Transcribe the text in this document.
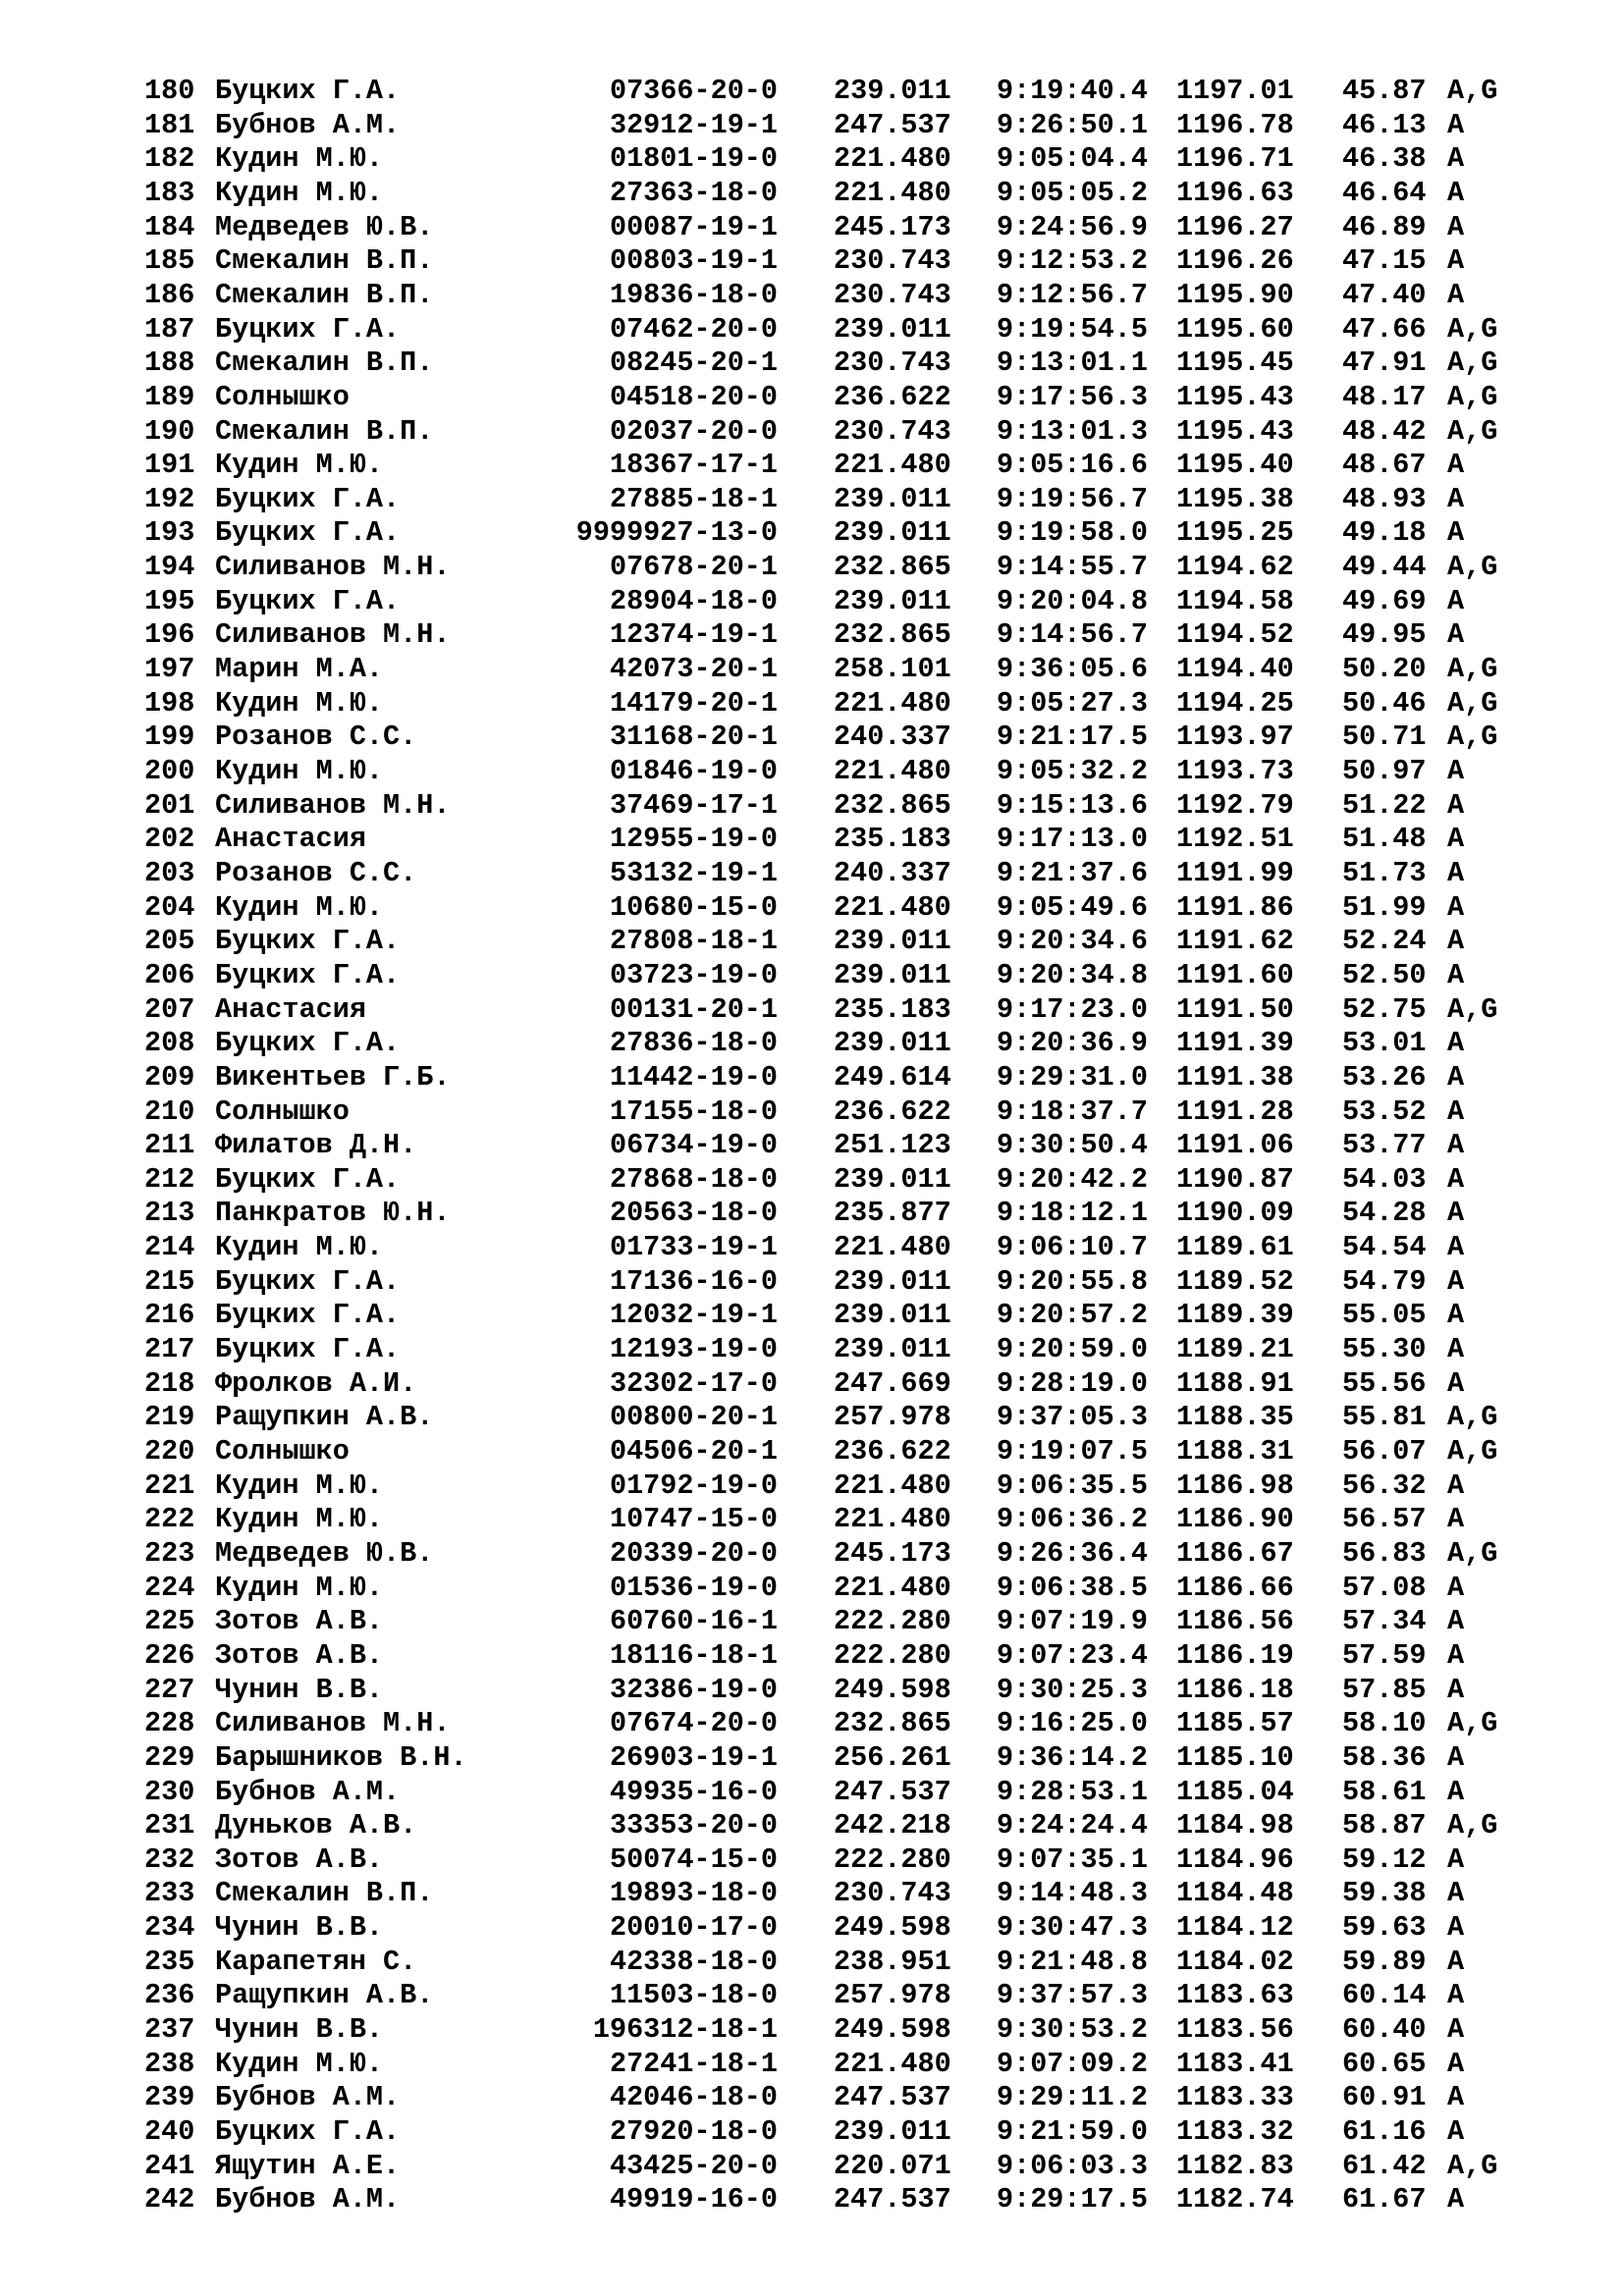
180 Буцких Г.А.	07366-20-0 239.011 9:19:40.4 1197.01 45.87 A,G
181 Бубнов А.М.	32912-19-1 247.537 9:26:50.1 1196.78 46.13 A
182 Кудин М.Ю.	01801-19-0 221.480 9:05:04.4 1196.71 46.38 A
183 Кудин М.Ю.	27363-18-0 221.480 9:05:05.2 1196.63 46.64 A
184 Медведев Ю.В.	00087-19-1 245.173 9:24:56.9 1196.27 46.89 A
185 Смекалин В.П.	00803-19-1 230.743 9:12:53.2 1196.26 47.15 A
186 Смекалин В.П.	19836-18-0 230.743 9:12:56.7 1195.90 47.40 A
187 Буцких Г.А.	07462-20-0 239.011 9:19:54.5 1195.60 47.66 A,G
188 Смекалин В.П.	08245-20-1 230.743 9:13:01.1 1195.45 47.91 A,G
189 Солнышко	04518-20-0 236.622 9:17:56.3 1195.43 48.17 A,G
190 Смекалин В.П.	02037-20-0 230.743 9:13:01.3 1195.43 48.42 A,G
191 Кудин М.Ю.	18367-17-1 221.480 9:05:16.6 1195.40 48.67 A
192 Буцких Г.А.	27885-18-1 239.011 9:19:56.7 1195.38 48.93 A
193 Буцких Г.А.	9999927-13-0 239.011 9:19:58.0 1195.25 49.18 A
194 Силиванов М.Н.	07678-20-1 232.865 9:14:55.7 1194.62 49.44 A,G
195 Буцких Г.А.	28904-18-0 239.011 9:20:04.8 1194.58 49.69 A
196 Силиванов М.Н.	12374-19-1 232.865 9:14:56.7 1194.52 49.95 A
197 Марин М.А.	42073-20-1 258.101 9:36:05.6 1194.40 50.20 A,G
198 Кудин М.Ю.	14179-20-1 221.480 9:05:27.3 1194.25 50.46 A,G
199 Розанов С.С.	31168-20-1 240.337 9:21:17.5 1193.97 50.71 A,G
200 Кудин М.Ю.	01846-19-0 221.480 9:05:32.2 1193.73 50.97 A
201 Силиванов М.Н.	37469-17-1 232.865 9:15:13.6 1192.79 51.22 A
202 Анастасия	12955-19-0 235.183 9:17:13.0 1192.51 51.48 A
203 Розанов С.С.	53132-19-1 240.337 9:21:37.6 1191.99 51.73 A
204 Кудин М.Ю.	10680-15-0 221.480 9:05:49.6 1191.86 51.99 A
205 Буцких Г.А.	27808-18-1 239.011 9:20:34.6 1191.62 52.24 A
206 Буцких Г.А.	03723-19-0 239.011 9:20:34.8 1191.60 52.50 A
207 Анастасия	00131-20-1 235.183 9:17:23.0 1191.50 52.75 A,G
208 Буцких Г.А.	27836-18-0 239.011 9:20:36.9 1191.39 53.01 A
209 Викентьев Г.Б.	11442-19-0 249.614 9:29:31.0 1191.38 53.26 A
210 Солнышко	17155-18-0 236.622 9:18:37.7 1191.28 53.52 A
211 Филатов Д.Н.	06734-19-0 251.123 9:30:50.4 1191.06 53.77 A
212 Буцких Г.А.	27868-18-0 239.011 9:20:42.2 1190.87 54.03 A
213 Панкратов Ю.Н.	20563-18-0 235.877 9:18:12.1 1190.09 54.28 A
214 Кудин М.Ю.	01733-19-1 221.480 9:06:10.7 1189.61 54.54 A
215 Буцких Г.А.	17136-16-0 239.011 9:20:55.8 1189.52 54.79 A
216 Буцких Г.А.	12032-19-1 239.011 9:20:57.2 1189.39 55.05 A
217 Буцких Г.А.	12193-19-0 239.011 9:20:59.0 1189.21 55.30 A
218 Фролков А.И.	32302-17-0 247.669 9:28:19.0 1188.91 55.56 A
219 Ращупкин А.В.	00800-20-1 257.978 9:37:05.3 1188.35 55.81 A,G
220 Солнышко	04506-20-1 236.622 9:19:07.5 1188.31 56.07 A,G
221 Кудин М.Ю.	01792-19-0 221.480 9:06:35.5 1186.98 56.32 A
222 Кудин М.Ю.	10747-15-0 221.480 9:06:36.2 1186.90 56.57 A
223 Медведев Ю.В.	20339-20-0 245.173 9:26:36.4 1186.67 56.83 A,G
224 Кудин М.Ю.	01536-19-0 221.480 9:06:38.5 1186.66 57.08 A
225 Зотов А.В.	60760-16-1 222.280 9:07:19.9 1186.56 57.34 A
226 Зотов А.В.	18116-18-1 222.280 9:07:23.4 1186.19 57.59 A
227 Чунин В.В.	32386-19-0 249.598 9:30:25.3 1186.18 57.85 A
228 Силиванов М.Н.	07674-20-0 232.865 9:16:25.0 1185.57 58.10 A,G
229 Барышников В.Н.	26903-19-1 256.261 9:36:14.2 1185.10 58.36 A
230 Бубнов А.М.	49935-16-0 247.537 9:28:53.1 1185.04 58.61 A
231 Дуньков А.В.	33353-20-0 242.218 9:24:24.4 1184.98 58.87 A,G
232 Зотов А.В.	50074-15-0 222.280 9:07:35.1 1184.96 59.12 A
233 Смекалин В.П.	19893-18-0 230.743 9:14:48.3 1184.48 59.38 A
234 Чунин В.В.	20010-17-0 249.598 9:30:47.3 1184.12 59.63 A
235 Карапетян С.	42338-18-0 238.951 9:21:48.8 1184.02 59.89 A
236 Ращупкин А.В.	11503-18-0 257.978 9:37:57.3 1183.63 60.14 A
237 Чунин В.В.	196312-18-1 249.598 9:30:53.2 1183.56 60.40 A
238 Кудин М.Ю.	27241-18-1 221.480 9:07:09.2 1183.41 60.65 A
239 Бубнов А.М.	42046-18-0 247.537 9:29:11.2 1183.33 60.91 A
240 Буцких Г.А.	27920-18-0 239.011 9:21:59.0 1183.32 61.16 A
241 Ящутин А.Е.	43425-20-0 220.071 9:06:03.3 1182.83 61.42 A,G
242 Бубнов А.М.	49919-16-0 247.537 9:29:17.5 1182.74 61.67 A
